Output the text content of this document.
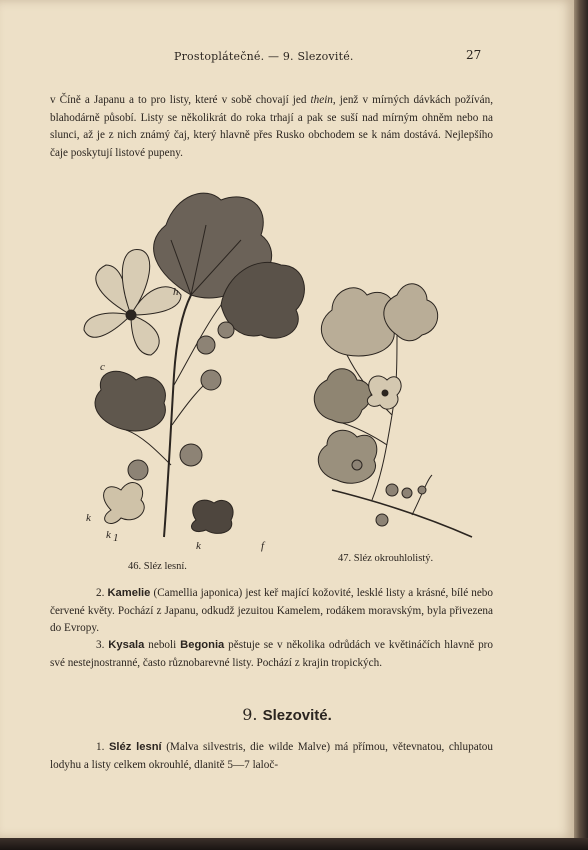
Prostoplátečné. — 9. Slezovité.	27

v Číně a Japanu a to pro listy, které v sobě chovají jed thein, jenž v mírných dávkách požíván, blahodárně působí. Listy se několikrát do roka trhají a pak se suší nad mírným ohněm nebo na slunci, až je z nich známý čaj, který hlavně přes Rusko obchodem se k nám dostává. Nejlepšího čaje poskytují listové pupeny.

h
c
k
k 1
k	f
46. Sléz lesní.
47. Sléz okrouhlolistý.

2. Kamelie (Camellia japonica) jest keř mající kožovité, lesklé listy a krásné, bílé nebo červené květy. Pochází z Japanu, odkudž jezuitou Kamelem, rodákem moravským, byla přivezena do Evropy.

3. Kysala neboli Begonia pěstuje se v několika odrůdách ve květináčích hlavně pro své nestejnostranné, často různobarevné listy. Pochází z krajin tropických.

9. Slezovité.

1. Sléz lesní (Malva silvestris, die wilde Malve) má přímou, větevnatou, chlupatou lodyhu a listy celkem okrouhlé, dlanitě 5—7 laloč-
